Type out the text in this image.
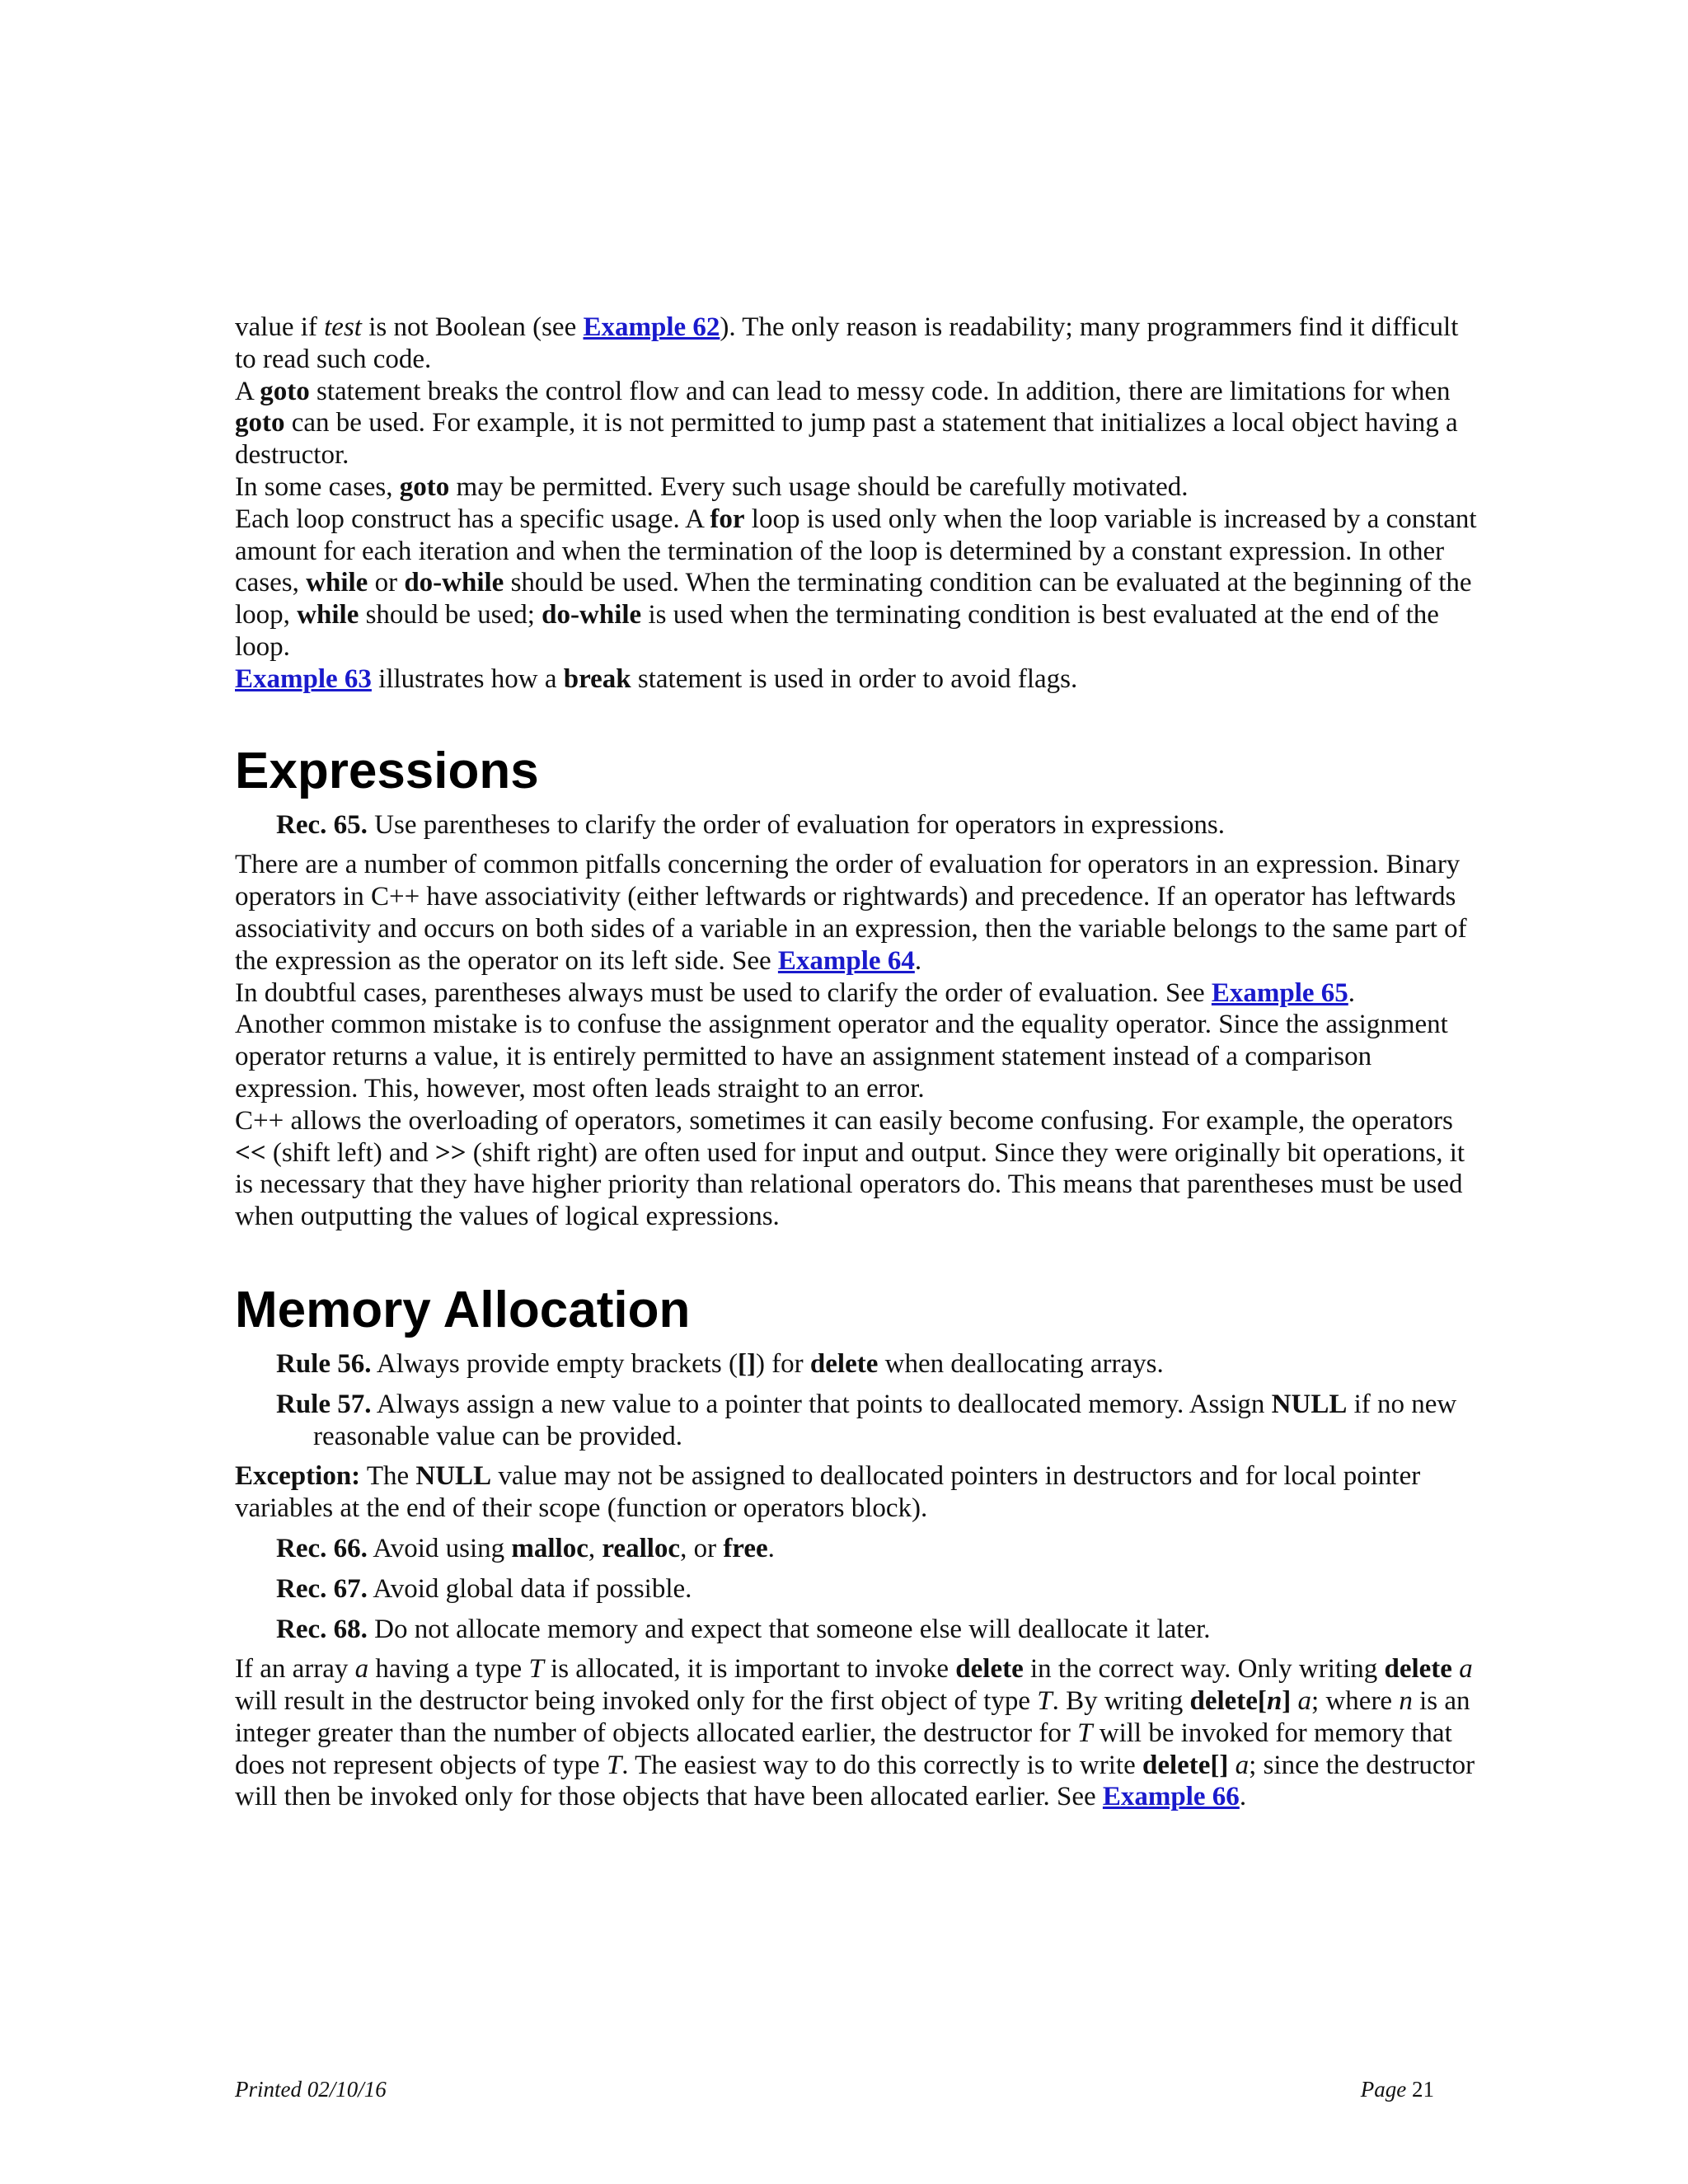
value if test is not Boolean (see Example 62). The only reason is readability; many programmers find it difficult to read such code.

A goto statement breaks the control flow and can lead to messy code. In addition, there are limitations for when goto can be used. For example, it is not permitted to jump past a statement that initializes a local object having a destructor.

In some cases, goto may be permitted. Every such usage should be carefully motivated.

Each loop construct has a specific usage. A for loop is used only when the loop variable is increased by a constant amount for each iteration and when the termination of the loop is determined by a constant expression. In other cases, while or do-while should be used. When the terminating condition can be evaluated at the beginning of the loop, while should be used; do-while is used when the terminating condition is best evaluated at the end of the loop.

Example 63 illustrates how a break statement is used in order to avoid flags.

Expressions

Rec. 65. Use parentheses to clarify the order of evaluation for operators in expressions.

There are a number of common pitfalls concerning the order of evaluation for operators in an expression. Binary operators in C++ have associativity (either leftwards or rightwards) and precedence. If an operator has leftwards associativity and occurs on both sides of a variable in an expression, then the variable belongs to the same part of the expression as the operator on its left side. See Example 64.

In doubtful cases, parentheses always must be used to clarify the order of evaluation. See Example 65.

Another common mistake is to confuse the assignment operator and the equality operator. Since the assignment operator returns a value, it is entirely permitted to have an assignment statement instead of a comparison expression. This, however, most often leads straight to an error.

C++ allows the overloading of operators, sometimes it can easily become confusing. For example, the operators << (shift left) and >> (shift right) are often used for input and output. Since they were originally bit operations, it is necessary that they have higher priority than relational operators do. This means that parentheses must be used when outputting the values of logical expressions.

Memory Allocation

Rule 56. Always provide empty brackets ([]) for delete when deallocating arrays.

Rule 57. Always assign a new value to a pointer that points to deallocated memory. Assign NULL if no new reasonable value can be provided.

Exception: The NULL value may not be assigned to deallocated pointers in destructors and for local pointer variables at the end of their scope (function or operators block).

Rec. 66. Avoid using malloc, realloc, or free.

Rec. 67. Avoid global data if possible.

Rec. 68. Do not allocate memory and expect that someone else will deallocate it later.

If an array a having a type T is allocated, it is important to invoke delete in the correct way. Only writing delete a will result in the destructor being invoked only for the first object of type T. By writing delete[n] a; where n is an integer greater than the number of objects allocated earlier, the destructor for T will be invoked for memory that does not represent objects of type T. The easiest way to do this correctly is to write delete[] a; since the destructor will then be invoked only for those objects that have been allocated earlier. See Example 66.

Printed 02/10/16	Page 21
